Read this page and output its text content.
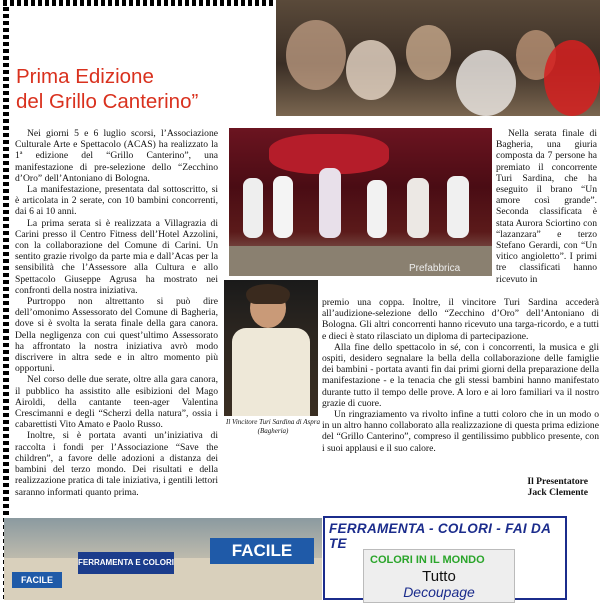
Prima Edizione
del Grillo Canterino”

Nei giorni 5 e 6 luglio scorsi, l’Associazione Culturale Arte e Spettacolo (ACAS) ha realizzato la 1ª edizione del “Grillo Canterino”, una manifestazione di pre-selezione dello “Zecchino d’Oro” dell’Antoniano di Bologna.

La manifestazione, presentata dal sottoscritto, si è articolata in 2 serate, con 10 bambini concorrenti, dai 6 ai 10 anni.

La prima serata si è realizzata a Villagrazia di Carini presso il Centro Fitness dell’Hotel Azzolini, con la collaborazione del Comune di Carini. Un sentito grazie rivolgo da parte mia e dall’Acas per la sensibilità che l’Assessore alla Cultura e allo Spettacolo Giuseppe Agrusa ha mostrato nei confronti della nostra iniziativa.

Purtroppo non altrettanto si può dire dell’omonimo Assessorato del Comune di Bagheria, dove si è svolta la serata finale della gara canora. Della negligenza con cui quest’ultimo Assessorato ha affrontato la nostra iniziativa avrò modo discrivere in altra sede e in altro momento più opportuni.

Nel corso delle due serate, oltre alla gara canora, il pubblico ha assistito alle esibizioni del Mago Airoldi, della cantante teen-ager Valentina Crescimanni e degli “Scherzi della natura”, ossia i cabarettisti Vito Amato e Paolo Russo.

Inoltre, si è portata avanti un’iniziativa di raccolta i fondi per l’Associazione “Save the children”, a favore delle adozioni a distanza dei bambini del terzo mondo. Dei risultati e della realizzazione pratica di tale iniziativa, i gentili lettori saranno informati quanto prima.

Prefabbrica

Nella serata finale di Bagheria, una giuria composta da 7 persone ha premiato il concorrente Turi Sardina, che ha eseguito il brano “Un amore così grande”. Seconda classificata è stata Aurora Sciortino con “lazanzara” e terzo Stefano Gerardi, con “Un vitico angioletto”. I primi tre classificati hanno ricevuto in

Il Vincitore Turi Sardina di Aspra (Bagheria)

premio una coppa. Inoltre, il vincitore Turi Sardina accederà all’audizione-selezione dello “Zecchino d’Oro” dell’Antoniano di Bologna. Gli altri concorrenti hanno ricevuto una targa-ricordo, e a tutti e dieci è stato rilasciato un diploma di partecipazione.

Alla fine dello spettacolo in sé, con i concorrenti, la musica e gli ospiti, desidero segnalare la bella della collaborazione delle famiglie dei bambini - portata avanti fin dai primi giorni della preparazione della manifestazione - e la tenacia che gli stessi bambini hanno manifestato durante tutto il tempo delle prove. A loro e ai loro familiari va il nostro grazie di cuore.

Un ringraziamento va rivolto infine a tutti coloro che in un modo o in un altro hanno collaborato alla realizzazione di questa prima edizione del “Grillo Canterino”, compreso il gentilissimo pubblico presente, con i suoi applausi e il suo calore.

Il Presentatore
Jack Clemente
FACILE
FERRAMENTA E COLORI
FACILE
FERRAMENTA - COLORI - FAI DA TE
COLORI IN IL MONDO
Tutto
Decoupage
